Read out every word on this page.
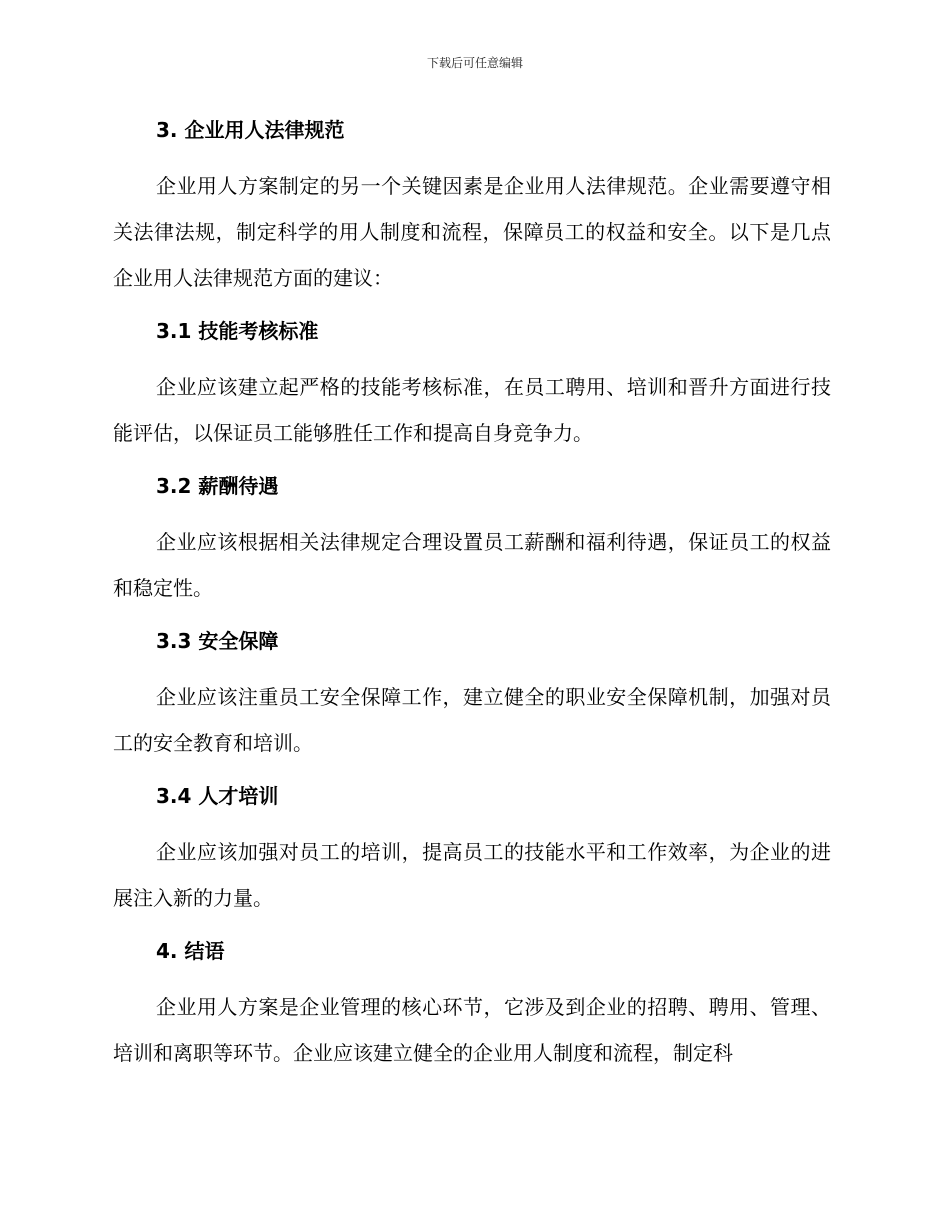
下载后可任意编辑
3. 企业用人法律规范

企业用人方案制定的另一个关键因素是企业用人法律规范。企业需要遵守相关法律法规，制定科学的用人制度和流程，保障员工的权益和安全。以下是几点企业用人法律规范方面的建议：

3.1 技能考核标准

企业应该建立起严格的技能考核标准，在员工聘用、培训和晋升方面进行技能评估，以保证员工能够胜任工作和提高自身竞争力。

3.2 薪酬待遇

企业应该根据相关法律规定合理设置员工薪酬和福利待遇，保证员工的权益和稳定性。

3.3 安全保障

企业应该注重员工安全保障工作，建立健全的职业安全保障机制，加强对员工的安全教育和培训。

3.4 人才培训

企业应该加强对员工的培训，提高员工的技能水平和工作效率，为企业的进展注入新的力量。

4. 结语

企业用人方案是企业管理的核心环节，它涉及到企业的招聘、聘用、管理、培训和离职等环节。企业应该建立健全的企业用人制度和流程，制定科
